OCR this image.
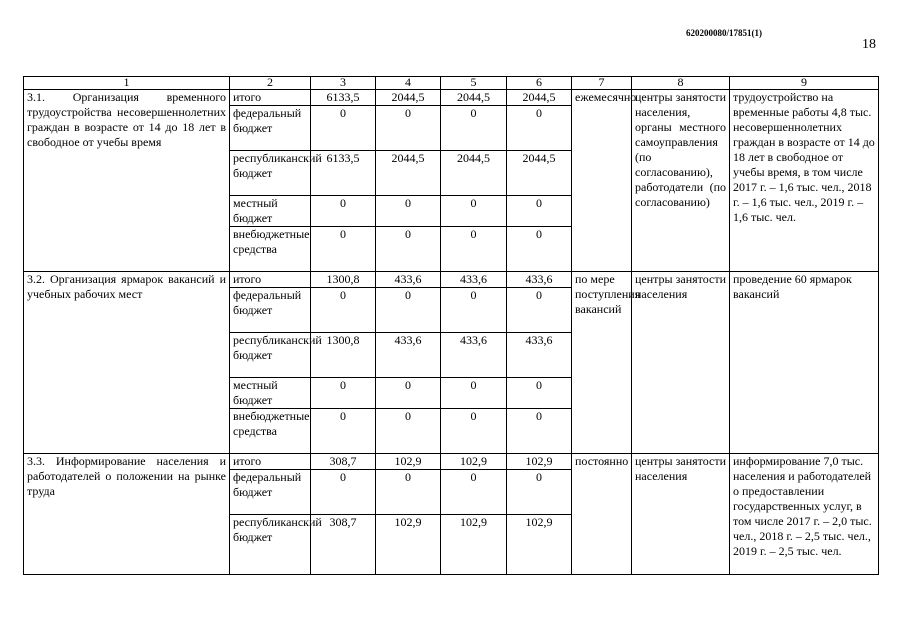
620200080/17851(1)
18
1	2	3	4	5	6	7	8	9
3.1. Организация временного трудоустройства несовершеннолетних граждан в возрасте от 14 до 18 лет в свободное от учебы время	итого	6133,5	2044,5	2044,5	2044,5	ежемесячно	центры занятости населения, органы местного самоуправления (по согласованию), работодатели (по согласованию)	трудоустройство на временные работы 4,8 тыс. несовершеннолетних граждан в возрасте от 14 до 18 лет в свободное от учебы время, в том числе 2017 г. – 1,6 тыс. чел., 2018 г. – 1,6 тыс. чел., 2019 г. – 1,6 тыс. чел.
	федеральный бюджет	0	0	0	0			
	республиканский бюджет	6133,5	2044,5	2044,5	2044,5			
	местный бюджет	0	0	0	0			
	внебюджетные средства	0	0	0	0			
3.2. Организация ярмарок вакансий и учебных рабочих мест	итого	1300,8	433,6	433,6	433,6	по мере поступления вакансий	центры занятости населения	проведение 60 ярмарок вакансий
	федеральный бюджет	0	0	0	0			
	республиканский бюджет	1300,8	433,6	433,6	433,6			
	местный бюджет	0	0	0	0			
	внебюджетные средства	0	0	0	0			
3.3. Информирование населения и работодателей о положении на рынке труда	итого	308,7	102,9	102,9	102,9	постоянно	центры занятости населения	информирование 7,0 тыс. населения и работодателей о предоставлении государственных услуг, в том числе 2017 г. – 2,0 тыс. чел., 2018 г. – 2,5 тыс. чел., 2019 г. – 2,5 тыс. чел.
	федеральный бюджет	0	0	0	0			
	республиканский бюджет	308,7	102,9	102,9	102,9			
